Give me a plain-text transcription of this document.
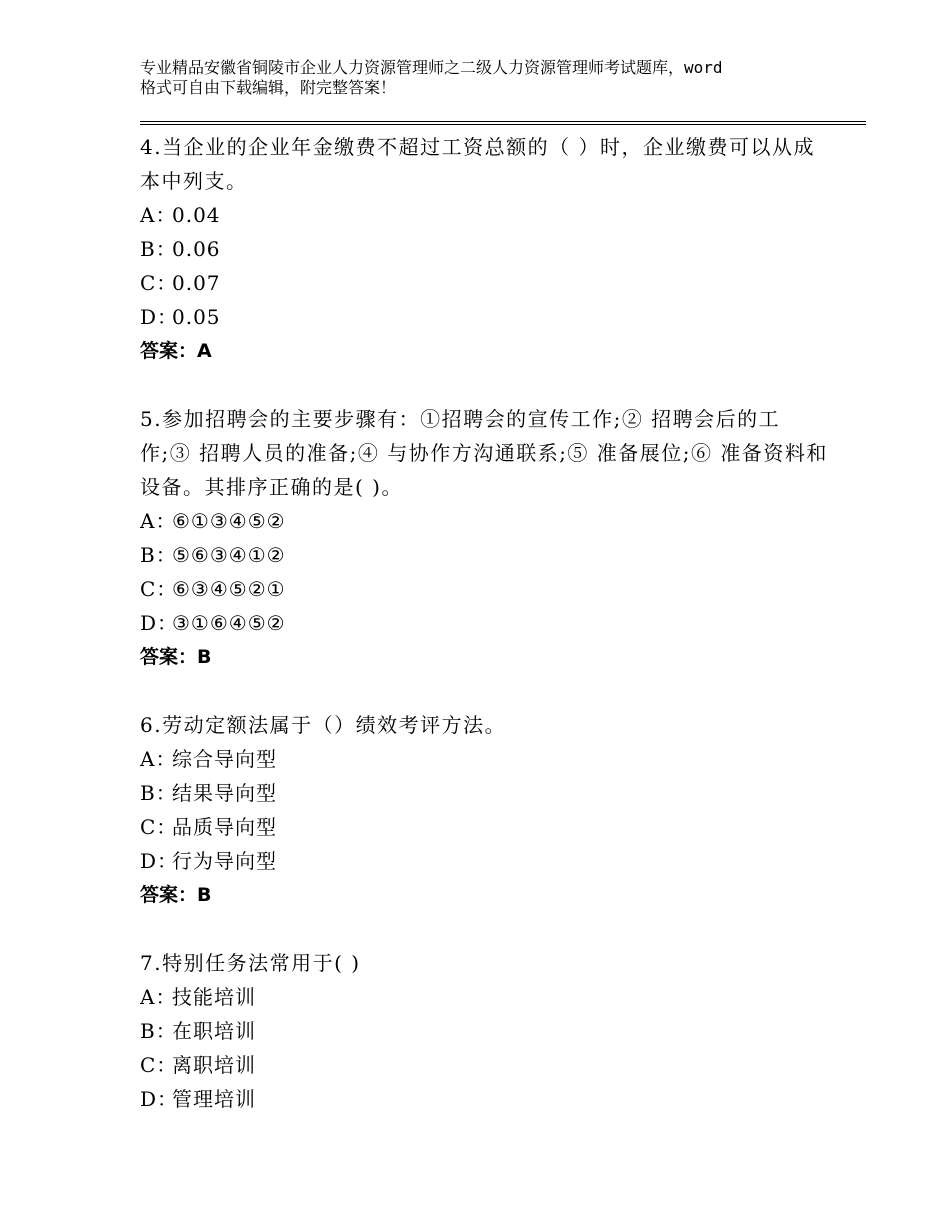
专业精品安徽省铜陵市企业人力资源管理师之二级人力资源管理师考试题库，word
格式可自由下载编辑，附完整答案！

4.当企业的企业年金缴费不超过工资总额的（ ）时，企业缴费可以从成本中列支。

A：0.04
B：0.06
C：0.07
D：0.05
答案：A

5.参加招聘会的主要步骤有：①招聘会的宣传工作;② 招聘会后的工作;③ 招聘人员的准备;④ 与协作方沟通联系;⑤ 准备展位;⑥ 准备资料和设备。其排序正确的是( )。

A：⑥①③④⑤②
B：⑤⑥③④①②
C：⑥③④⑤②①
D：③①⑥④⑤②
答案：B

6.劳动定额法属于（）绩效考评方法。

A：综合导向型
B：结果导向型
C：品质导向型
D：行为导向型
答案：B

7.特别任务法常用于( )

A：技能培训
B：在职培训
C：离职培训
D：管理培训
